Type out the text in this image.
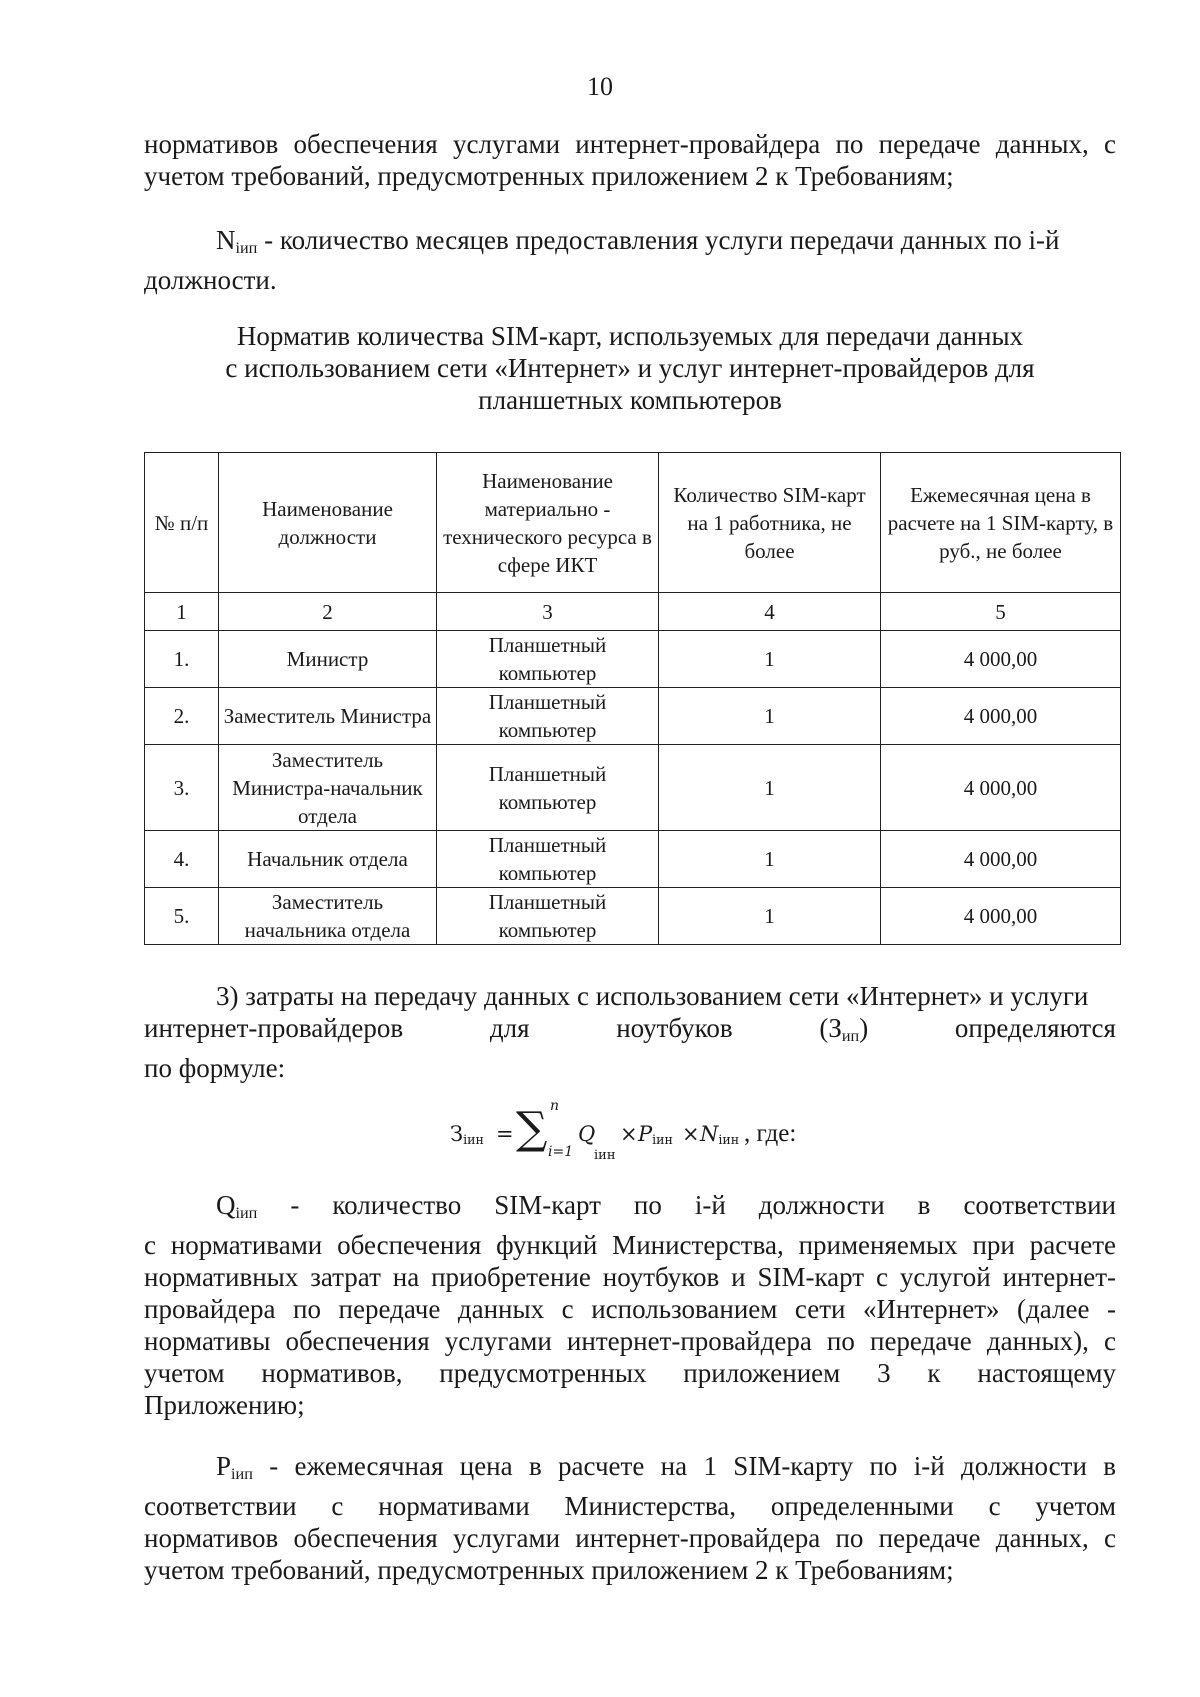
10
нормативов обеспечения услугами интернет-провайдера по передаче данных, с
учетом требований, предусмотренных приложением 2 к Требованиям;
$N_{iип}$ - количество месяцев предоставления услуги передачи данных по i-й
должности.
Норматив количества SIM-карт, используемых для передачи данных
с использованием сети «Интернет» и услуг интернет-провайдеров для
планшетных компьютеров
№ п/п	Наименование должности	Наименование материально - технического ресурса в сфере ИКТ	Количество SIM-карт на 1 работника, не более	Ежемесячная цена в расчете на 1 SIM-карту, в руб., не более
1	2	3	4	5
1.	Министр	Планшетный компьютер	1	4 000,00
2.	Заместитель Министра	Планшетный компьютер	1	4 000,00
3.	Заместитель Министра-начальник отдела	Планшетный компьютер	1	4 000,00
4.	Начальник отдела	Планшетный компьютер	1	4 000,00
5.	Заместитель начальника отдела	Планшетный компьютер	1	4 000,00
3) затраты на передачу данных с использованием сети «Интернет» и услуги
интернет-провайдеров	для	ноутбуков	$(З_{ип})$	определяются
по формуле:
$З_{іин}$ = ∑ n
i=1
Q
іин
× $P_{іин} \times N_{іин}$ , где:
$Q_{iип}$ - количество SIM-карт по i-й должности в соответствии
с нормативами обеспечения функций Министерства, применяемых при расчете
нормативных затрат на приобретение ноутбуков и SIM-карт с услугой интернет-
провайдера по передаче данных с использованием сети «Интернет» (далее -
нормативы обеспечения услугами интернет-провайдера по передаче данных), с
учетом нормативов, предусмотренных приложением 3 к настоящему
Приложению;
$P_{iип}$ - ежемесячная цена в расчете на 1 SIM-карту по i-й должности в
соответствии с нормативами Министерства, определенными с учетом
нормативов обеспечения услугами интернет-провайдера по передаче данных, с
учетом требований, предусмотренных приложением 2 к Требованиям;
